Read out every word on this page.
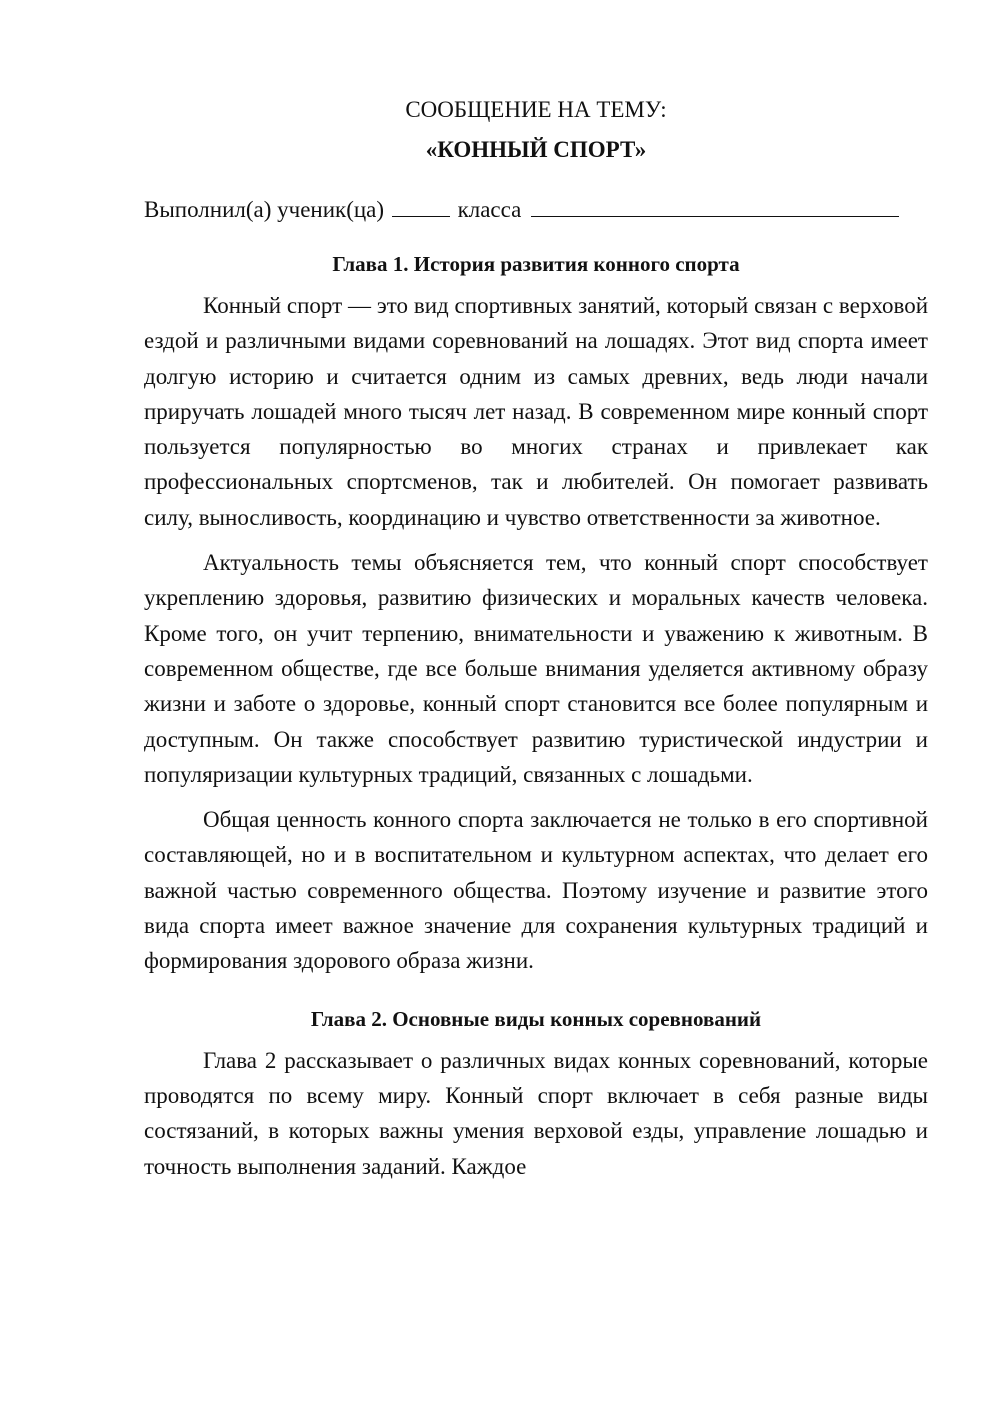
СООБЩЕНИЕ НА ТЕМУ:

«КОННЫЙ СПОРТ»

Выполнил(а) ученик(ца)	класса

Глава 1. История развития конного спорта

Конный спорт — это вид спортивных занятий, который связан с верховой ездой и различными видами соревнований на лошадях. Этот вид спорта имеет долгую историю и считается одним из самых древних, ведь люди начали приручать лошадей много тысяч лет назад. В современном мире конный спорт пользуется популярностью во многих странах и привлекает как профессиональных спортсменов, так и любителей. Он помогает развивать силу, выносливость, координацию и чувство ответственности за животное.

Актуальность темы объясняется тем, что конный спорт способствует укреплению здоровья, развитию физических и моральных качеств человека. Кроме того, он учит терпению, внимательности и уважению к животным. В современном обществе, где все больше внимания уделяется активному образу жизни и заботе о здоровье, конный спорт становится все более популярным и доступным. Он также способствует развитию туристической индустрии и популяризации культурных традиций, связанных с лошадьми.

Общая ценность конного спорта заключается не только в его спортивной составляющей, но и в воспитательном и культурном аспектах, что делает его важной частью современного общества. Поэтому изучение и развитие этого вида спорта имеет важное значение для сохранения культурных традиций и формирования здорового образа жизни.

Глава 2. Основные виды конных соревнований

Глава 2 рассказывает о различных видах конных соревнований, которые проводятся по всему миру. Конный спорт включает в себя разные виды состязаний, в которых важны умения верховой езды, управление лошадью и точность выполнения заданий. Каждое
